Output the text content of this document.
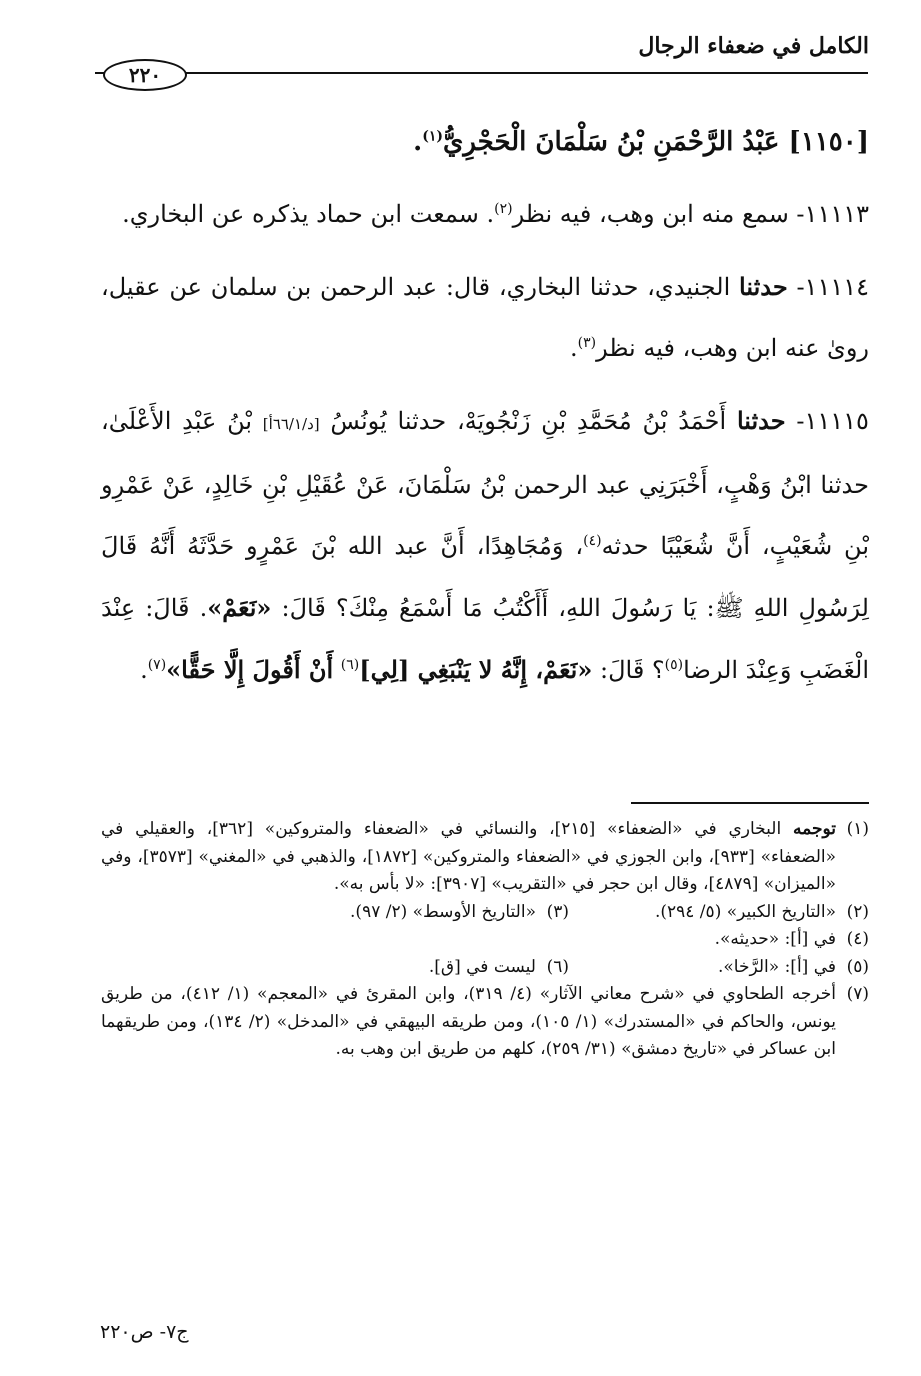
الكامل في ضعفاء الرجال
٢٢٠

[١١٥٠] عَبْدُ الرَّحْمَنِ بْنُ سَلْمَانَ الْحَجْرِيُّ$^{(١)}$.

١١١١٣- سمع منه ابن وهب، فيه نظر$^{(٢)}$. سمعت ابن حماد يذكره عن البخاري.

١١١١٤- حدثنا الجنيدي، حدثنا البخاري، قال: عبد الرحمن بن سلمان عن عقيل، روىٰ عنه ابن وهب، فيه نظر$^{(٣)}$.

١١١١٥- حدثنا أَحْمَدُ بْنُ مُحَمَّدِ بْنِ زَنْجُويَهْ، حدثنا يُونُسُ [د/٦٦/١أ] بْنُ عَبْدِ الأَعْلَىٰ، حدثنا ابْنُ وَهْبٍ، أَخْبَرَنِي عبد الرحمن بْنُ سَلْمَانَ، عَنْ عُقَيْلِ بْنِ خَالِدٍ، عَنْ عَمْرِو بْنِ شُعَيْبٍ، أَنَّ شُعَيْبًا حدثه$^{(٤)}$، وَمُجَاهِدًا، أَنَّ عبد الله بْنَ عَمْرٍو حَدَّثَهُ أَنَّهُ قَالَ لِرَسُولِ اللهِ ﷺ: يَا رَسُولَ اللهِ، أَأَكْتُبُ مَا أَسْمَعُ مِنْكَ؟ قَالَ: «نَعَمْ». قَالَ: عِنْدَ الْغَضَبِ وَعِنْدَ الرضا$^{(٥)}$؟ قَالَ: «نَعَمْ، إِنَّهُ لا يَنْبَغِي [لِي]$^{(٦)}$ أَنْ أَقُولَ إِلَّا حَقًّا»$^{(٧)}$.

(١)
توجمه البخاري في «الضعفاء» [٢١٥]، والنسائي في «الضعفاء والمتروكين» [٣٦٢]، والعقيلي في «الضعفاء» [٩٣٣]، وابن الجوزي في «الضعفاء والمتروكين» [١٨٧٢]، والذهبي في «المغني» [٣٥٧٣]، وفي «الميزان» [٤٨٧٩]، وقال ابن حجر في «التقريب» [٣٩٠٧]: «لا بأس به».
(٢)
«التاريخ الكبير» (٥/ ٢٩٤).
(٣)
«التاريخ الأوسط» (٢/ ٩٧).
(٤)
في [أ]: «حديثه».
(٥)
في [أ]: «الرَّخا».
(٦)
ليست في [ق].
(٧)
أخرجه الطحاوي في «شرح معاني الآثار» (٤/ ٣١٩)، وابن المقرئ في «المعجم» (١/ ٤١٢)، من طريق يونس، والحاكم في «المستدرك» (١/ ١٠٥)، ومن طريقه البيهقي في «المدخل» (٢/ ١٣٤)، ومن طريقهما ابن عساكر في «تاريخ دمشق» (٣١/ ٢٥٩)، كلهم من طريق ابن وهب به.
ج٧- ص٢٢٠
